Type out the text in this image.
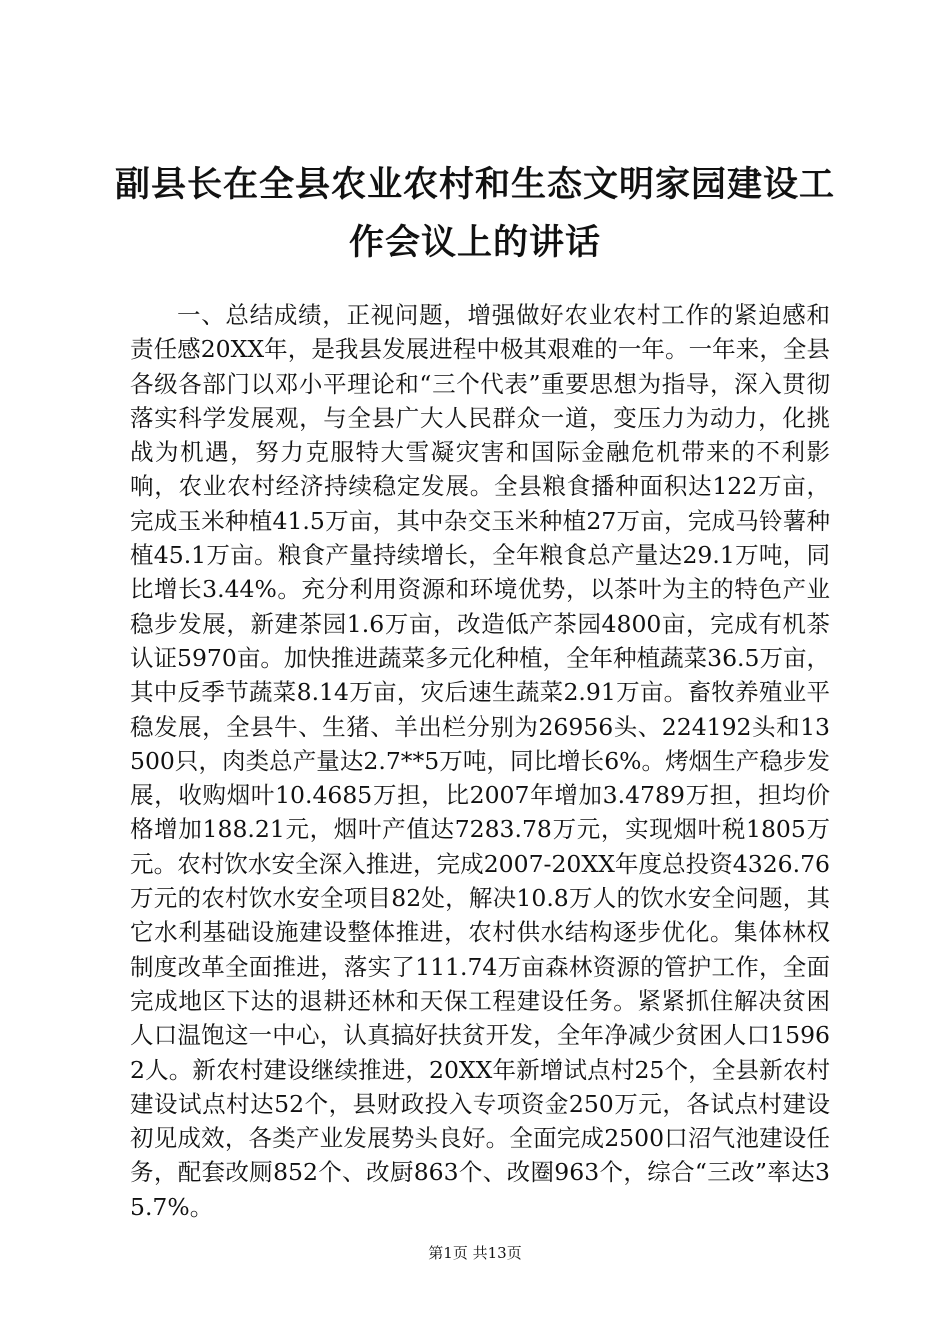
副县长在全县农业农村和生态文明家园建设工作会议上的讲话

一、总结成绩，正视问题，增强做好农业农村工作的紧迫感和责任感20XX年，是我县发展进程中极其艰难的一年。一年来，全县各级各部门以邓小平理论和“三个代表”重要思想为指导，深入贯彻落实科学发展观，与全县广大人民群众一道，变压力为动力，化挑战为机遇，努力克服特大雪凝灾害和国际金融危机带来的不利影响，农业农村经济持续稳定发展。全县粮食播种面积达122万亩，完成玉米种植41.5万亩，其中杂交玉米种植27万亩，完成马铃薯种植45.1万亩。粮食产量持续增长，全年粮食总产量达29.1万吨，同比增长3.44%。充分利用资源和环境优势，以茶叶为主的特色产业稳步发展，新建茶园1.6万亩，改造低产茶园4800亩，完成有机茶认证5970亩。加快推进蔬菜多元化种植，全年种植蔬菜36.5万亩，其中反季节蔬菜8.14万亩，灾后速生蔬菜2.91万亩。畜牧养殖业平稳发展，全县牛、生猪、羊出栏分别为26956头、224192头和13500只，肉类总产量达2.7**5万吨，同比增长6%。烤烟生产稳步发展，收购烟叶10.4685万担，比2007年增加3.4789万担，担均价格增加188.21元，烟叶产值达7283.78万元，实现烟叶税1805万元。农村饮水安全深入推进，完成2007-20XX年度总投资4326.76万元的农村饮水安全项目82处，解决10.8万人的饮水安全问题，其它水利基础设施建设整体推进，农村供水结构逐步优化。集体林权制度改革全面推进，落实了111.74万亩森林资源的管护工作，全面完成地区下达的退耕还林和天保工程建设任务。紧紧抓住解决贫困人口温饱这一中心，认真搞好扶贫开发，全年净减少贫困人口15962人。新农村建设继续推进，20XX年新增试点村25个，全县新农村建设试点村达52个，县财政投入专项资金250万元，各试点村建设初见成效，各类产业发展势头良好。全面完成2500口沼气池建设任务，配套改厕852个、改厨863个、改圈963个，综合“三改”率达35.7%。

第1页 共13页
